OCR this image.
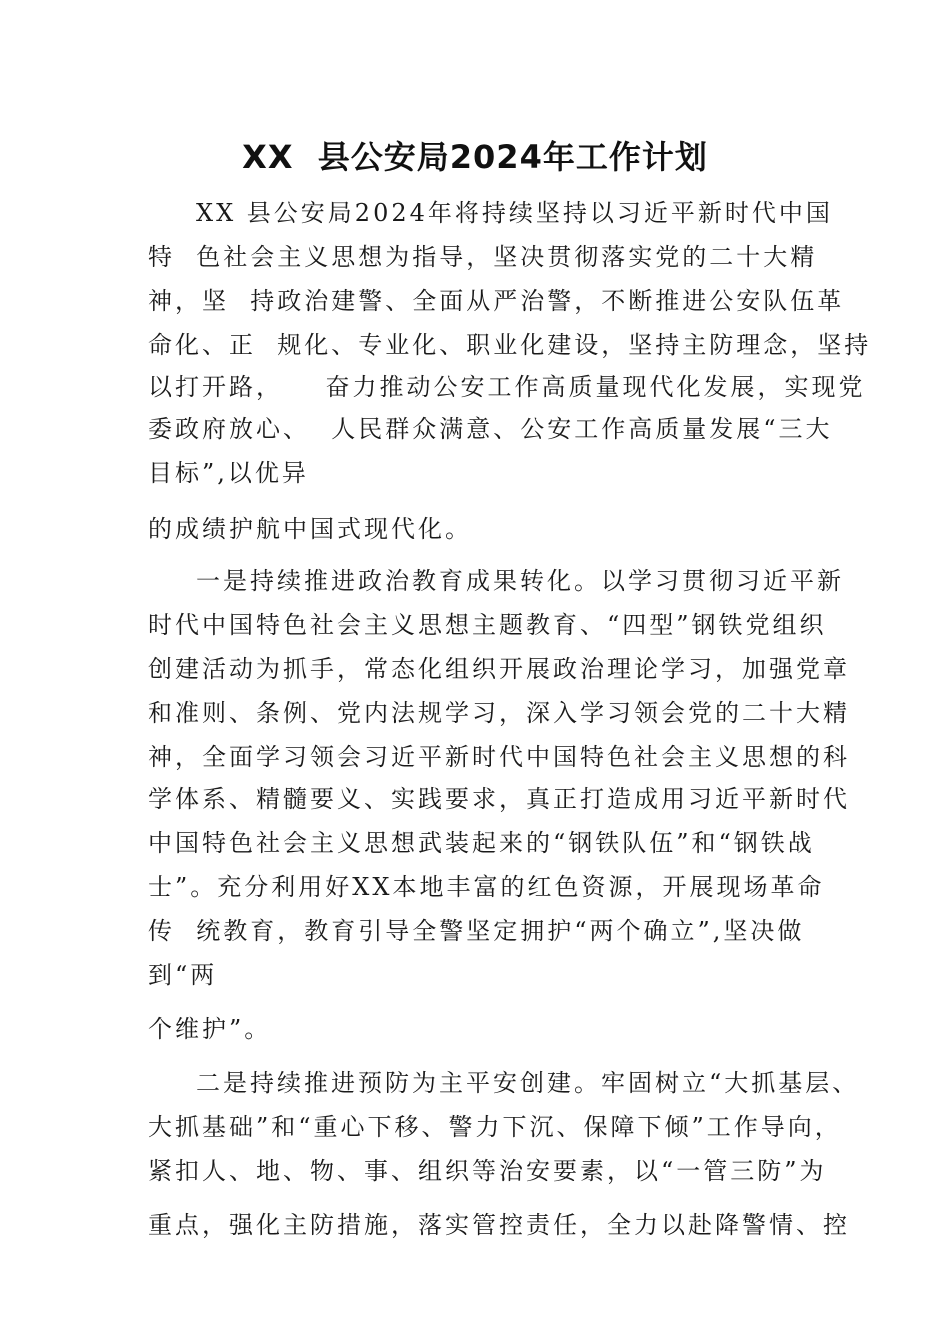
XX  县公安局2024年工作计划
XX 县公安局2024年将持续坚持以习近平新时代中国
特  色社会主义思想为指导，坚决贯彻落实党的二十大精
神，坚  持政治建警、全面从严治警，不断推进公安队伍革
命化、正  规化、专业化、职业化建设，坚持主防理念，坚持
以打开路，    奋力推动公安工作高质量现代化发展，实现党
委政府放心、  人民群众满意、公安工作高质量发展“三大
目标”,以优异
的成绩护航中国式现代化。
一是持续推进政治教育成果转化。以学习贯彻习近平新
时代中国特色社会主义思想主题教育、“四型”钢铁党组织
创建活动为抓手，常态化组织开展政治理论学习，加强党章
和准则、条例、党内法规学习，深入学习领会党的二十大精
神，全面学习领会习近平新时代中国特色社会主义思想的科
学体系、精髓要义、实践要求，真正打造成用习近平新时代
中国特色社会主义思想武装起来的“钢铁队伍”和“钢铁战
士”。充分利用好XX本地丰富的红色资源，开展现场革命
传  统教育，教育引导全警坚定拥护“两个确立”,坚决做
到“两
个维护”。
二是持续推进预防为主平安创建。牢固树立“大抓基层、
大抓基础”和“重心下移、警力下沉、保障下倾”工作导向，
紧扣人、地、物、事、组织等治安要素，以“一管三防”为
重点，强化主防措施，落实管控责任，全力以赴降警情、控
